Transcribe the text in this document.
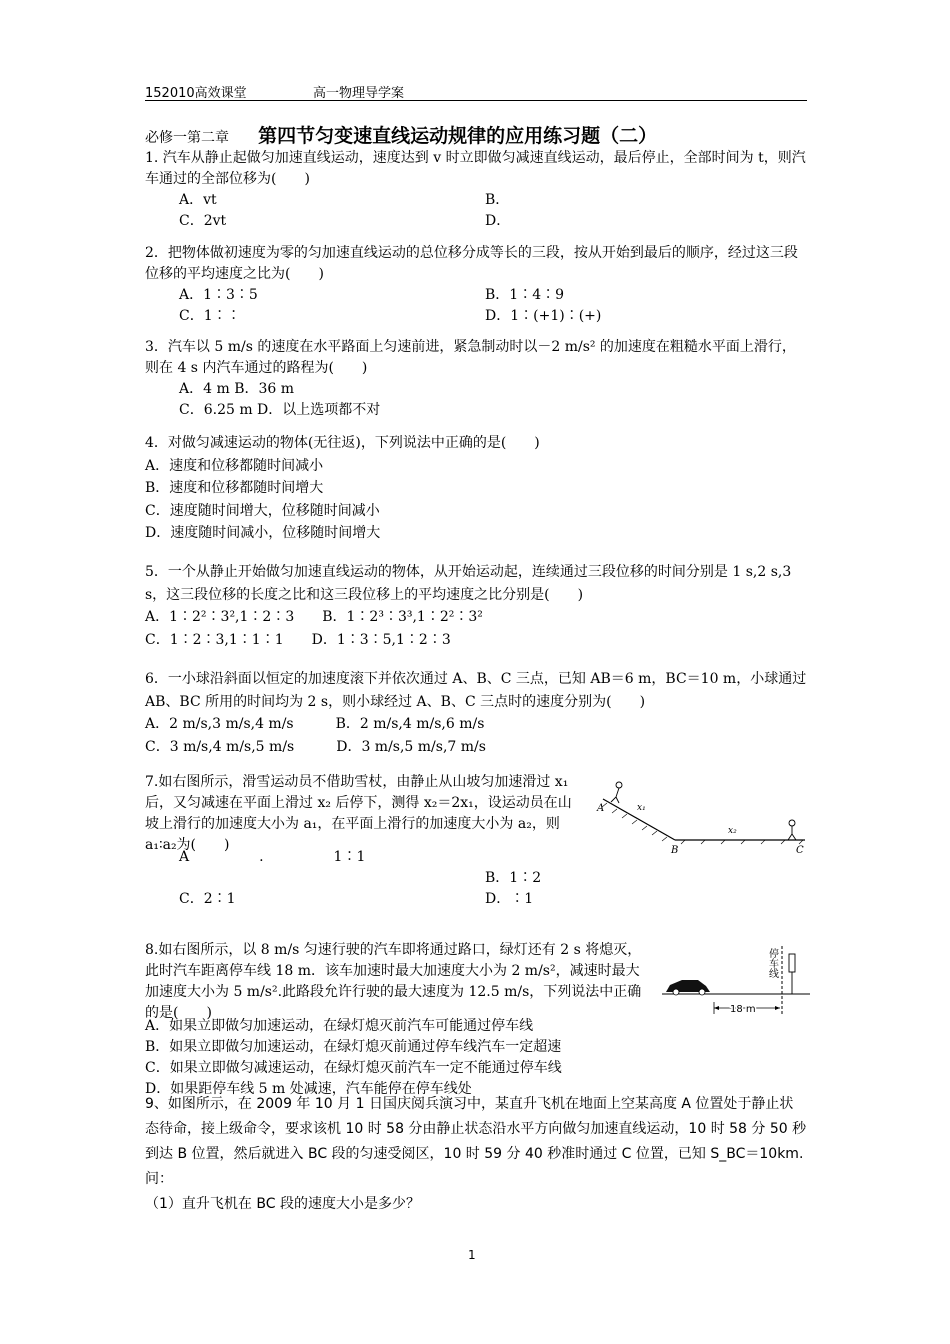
152010高效课堂	高一物理导学案
必修一第二章 第四节匀变速直线运动规律的应用练习题（二）

1. 汽车从静止起做匀加速直线运动，速度达到 v 时立即做匀减速直线运动，最后停止，全部时间为 t，则汽车通过的全部位移为(　　)

A．vt	B．
C．2vt	D．

2．把物体做初速度为零的匀加速直线运动的总位移分成等长的三段，按从开始到最后的顺序，经过这三段位移的平均速度之比为(　　)

A．1∶3∶5	B．1∶4∶9
C．1∶∶	D．1∶(+1)∶(+)

3．汽车以 5 m/s 的速度在水平路面上匀速前进，紧急制动时以－2 m/s² 的加速度在粗糙水平面上滑行，则在 4 s 内汽车通过的路程为(　　)

A．4 m B．36 m

C．6.25 m D．以上选项都不对

4．对做匀减速运动的物体(无往返)，下列说法中正确的是(　　)

A．速度和位移都随时间减小

B．速度和位移都随时间增大

C．速度随时间增大，位移随时间减小

D．速度随时间减小，位移随时间增大

5．一个从静止开始做匀加速直线运动的物体，从开始运动起，连续通过三段位移的时间分别是 1 s,2 s,3 s，这三段位移的长度之比和这三段位移上的平均速度之比分别是(　　)

A．1∶2²∶3²,1∶2∶3　　B．1∶2³∶3³,1∶2²∶3²

C．1∶2∶3,1∶1∶1　　D．1∶3∶5,1∶2∶3

6．一小球沿斜面以恒定的加速度滚下并依次通过 A、B、C 三点，已知 AB＝6 m，BC＝10 m，小球通过 AB、BC 所用的时间均为 2 s，则小球经过 A、B、C 三点时的速度分别为(　　)

A．2 m/s,3 m/s,4 m/s　　　B．2 m/s,4 m/s,6 m/s

C．3 m/s,4 m/s,5 m/s　　　D．3 m/s,5 m/s,7 m/s

7.如右图所示，滑雪运动员不借助雪杖，由静止从山坡匀加速滑过 x₁ 后，又匀减速在平面上滑过 x₂ 后停下，测得 x₂＝2x₁，设运动员在山坡上滑行的加速度大小为 a₁，在平面上滑行的加速度大小为 a₂，则 a₁∶a₂为(　　)

A　　　　　.　　　　　1∶1

B．1∶2
C．2∶1	D．∶1
A	x₁
B
x₂
C

8.如右图所示，以 8 m/s 匀速行驶的汽车即将通过路口，绿灯还有 2 s 将熄灭，此时汽车距离停车线 18 m．该车加速时最大加速度大小为 2 m/s²，减速时最大加速度大小为 5 m/s².此路段允许行驶的最大速度为 12.5 m/s，下列说法中正确的是(　　)

A．如果立即做匀加速运动，在绿灯熄灭前汽车可能通过停车线

B．如果立即做匀加速运动，在绿灯熄灭前通过停车线汽车一定超速

C．如果立即做匀减速运动，在绿灯熄灭前汽车一定不能通过停车线

D．如果距停车线 5 m 处减速，汽车能停在停车线处

18 m
停车线

9、如图所示，在 2009 年 10 月 1 日国庆阅兵演习中，某直升飞机在地面上空某高度 A 位置处于静止状态待命，接上级命令，要求该机 10 时 58 分由静止状态沿水平方向做匀加速直线运动，10 时 58 分 50 秒到达 B 位置，然后就进入 BC 段的匀速受阅区，10 时 59 分 40 秒准时通过 C 位置，已知 S_BC＝10km.问：

（1）直升飞机在 BC 段的速度大小是多少？

1
